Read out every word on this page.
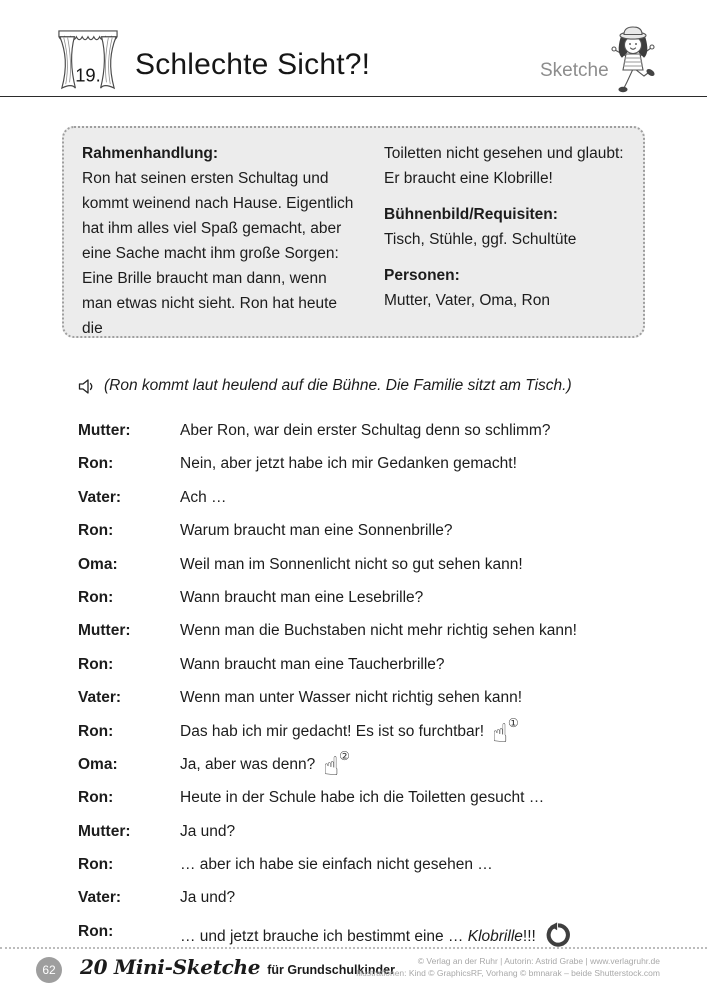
19. Schlechte Sicht?!	Sketche

Rahmenhandlung:

Ron hat seinen ersten Schultag und kommt weinend nach Hause. Eigentlich hat ihm alles viel Spaß gemacht, aber eine Sache macht ihm große Sorgen: Eine Brille braucht man dann, wenn man etwas nicht sieht. Ron hat heute die

Toiletten nicht gesehen und glaubt: Er braucht eine Klobrille!

Bühnenbild/Requisiten:

Tisch, Stühle, ggf. Schultüte

Personen:

Mutter, Vater, Oma, Ron

(Ron kommt laut heulend auf die Bühne. Die Familie sitzt am Tisch.)
Mutter:	Aber Ron, war dein erster Schultag denn so schlimm?
Ron:	Nein, aber jetzt habe ich mir Gedanken gemacht!
Vater:	Ach …
Ron:	Warum braucht man eine Sonnenbrille?
Oma:	Weil man im Sonnenlicht nicht so gut sehen kann!
Ron:	Wann braucht man eine Lesebrille?
Mutter:	Wenn man die Buchstaben nicht mehr richtig sehen kann!
Ron:	Wann braucht man eine Taucherbrille?
Vater:	Wenn man unter Wasser nicht richtig sehen kann!
Ron:	Das hab ich mir gedacht! Es ist so furchtbar! ☝①
Oma:	Ja, aber was denn? ☝②
Ron:	Heute in der Schule habe ich die Toiletten gesucht …
Mutter:	Ja und?
Ron:	… aber ich habe sie einfach nicht gesehen …
Vater:	Ja und?
Ron:	… und jetzt brauche ich bestimmt eine … Klobrille!!!
62 20 Mini-Sketche für Grundschulkinder
© Verlag an der Ruhr | Autorin: Astrid Grabe | www.verlagruhr.de
Illustrationen: Kind © GraphicsRF, Vorhang © bmnarak – beide Shutterstock.com
